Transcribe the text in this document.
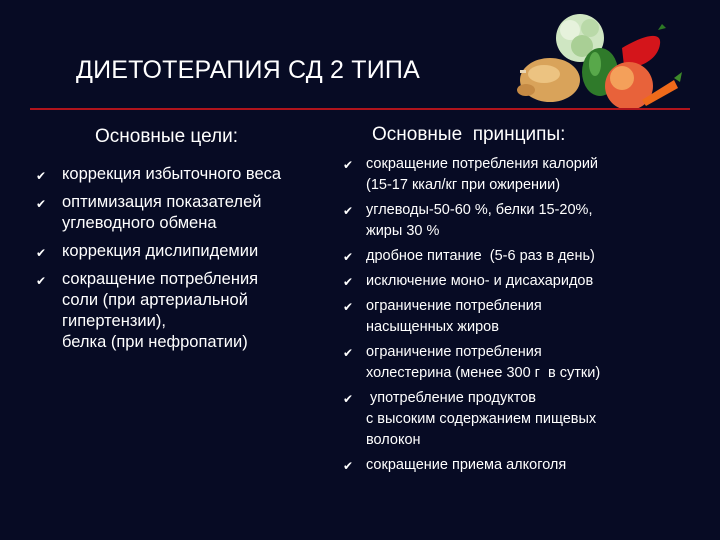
ДИЕТОТЕРАПИЯ СД 2 ТИПА
Основные цели:
✔ коррекция избыточного веса
✔ оптимизация показателей
углеводного обмена
✔ коррекция дислипидемии
✔ сокращение потребления
соли (при артериальной
гипертензии),
белка (при нефропатии)
Основные  принципы:
✔ сокращение потребления калорий
(15-17 ккал/кг при ожирении)
✔ углеводы-50-60 %, белки 15-20%,
жиры 30 %
✔ дробное питание  (5-6 раз в день)
✔ исключение моно- и дисахаридов
✔ ограничение потребления
насыщенных жиров
✔ ограничение потребления
холестерина (менее 300 г  в сутки)
✔ употребление продуктов
с высоким содержанием пищевых
волокон
✔ сокращение приема алкоголя
